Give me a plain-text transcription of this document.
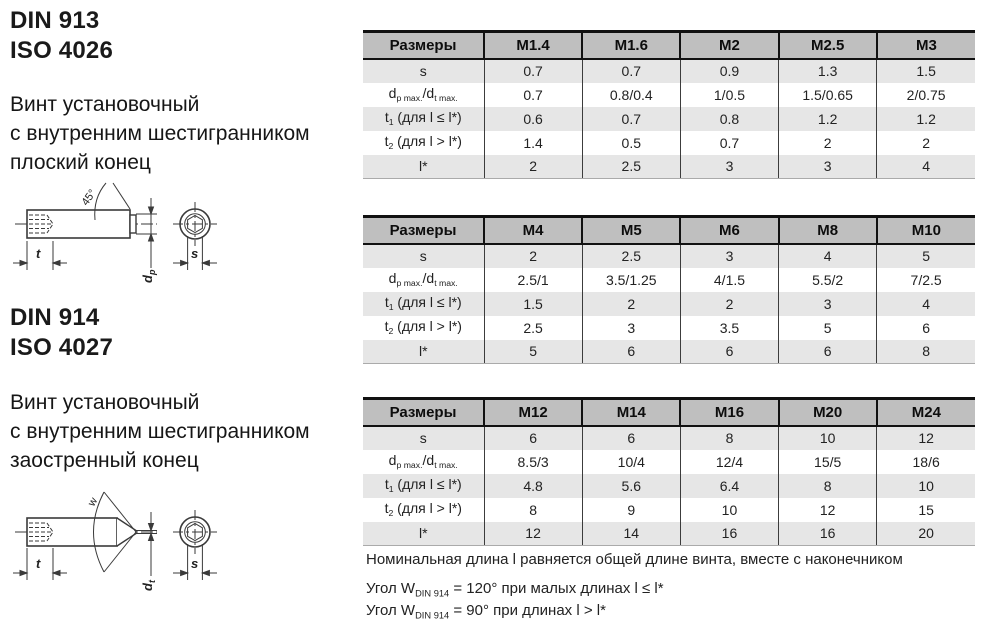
DIN 913
ISO 4026
Винт установочный
с внутренним шестигранником
плоский конец
45°
t
$d_p$
s
DIN 914
ISO 4027
Винт установочный
с внутренним шестигранником
заостренный конец
w
t
$d_t$
s
Размеры	M1.4	M1.6	M2	M2.5	M3
s	0.7	0.7	0.9	1.3	1.5
$d_{p max.}/d_{t max.}$	0.7	0.8/0.4	1/0.5	1.5/0.65	2/0.75
$t_1$ (для l ≤ l*)	0.6	0.7	0.8	1.2	1.2
$t_2$ (для l > l*)	1.4	0.5	0.7	2	2
l*	2	2.5	3	3	4
Размеры	M4	M5	M6	M8	M10
s	2	2.5	3	4	5
$d_{p max.}/d_{t max.}$	2.5/1	3.5/1.25	4/1.5	5.5/2	7/2.5
$t_1$ (для l ≤ l*)	1.5	2	2	3	4
$t_2$ (для l > l*)	2.5	3	3.5	5	6
l*	5	6	6	6	8
Размеры	M12	M14	M16	M20	M24
s	6	6	8	10	12
$d_{p max.}/d_{t max.}$	8.5/3	10/4	12/4	15/5	18/6
$t_1$ (для l ≤ l*)	4.8	5.6	6.4	8	10
$t_2$ (для l > l*)	8	9	10	12	15
l*	12	14	16	16	20
Номинальная длина l равняется общей длине винта, вместе с наконечником
Угол $W_{DIN 914} = 120^\circ$ при малых длинах l ≤ l*
Угол $W_{DIN 914} = 90^\circ$ при длинах l > l*
